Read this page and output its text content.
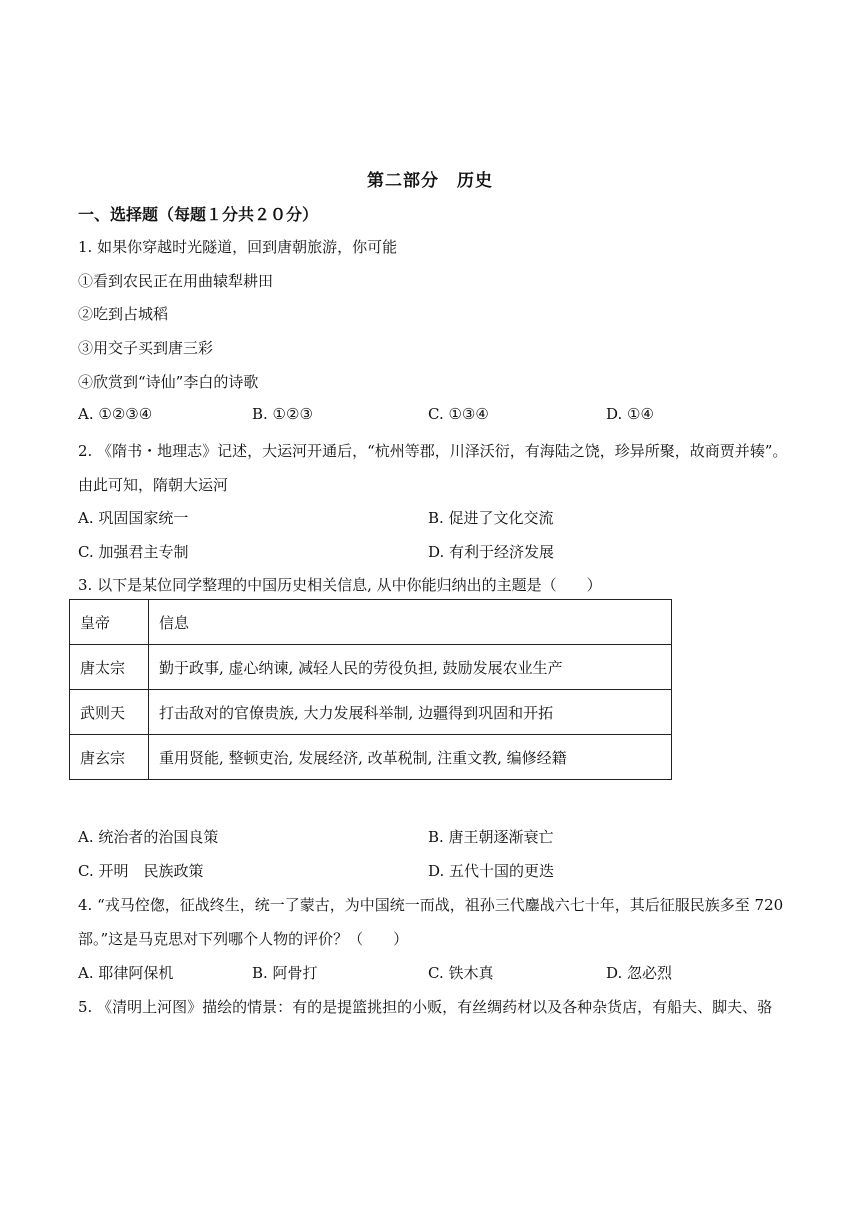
第二部分　历史
一、选择题（每题１分共２０分）
1. 如果你穿越时光隧道，回到唐朝旅游，你可能
①看到农民正在用曲辕犁耕田
②吃到占城稻
③用交子买到唐三彩
④欣赏到“诗仙”李白的诗歌
A. ①②③④	B. ①②③	C. ①③④	D. ①④
2. 《隋书・地理志》记述，大运河开通后，“杭州等郡，川泽沃衍，有海陆之饶，珍异所聚，故商贾并辏”。
由此可知，隋朝大运河
A. 巩固国家统一	B. 促进了文化交流
C. 加强君主专制	D. 有利于经济发展
3. 以下是某位同学整理的中国历史相关信息, 从中你能归纳出的主题是（　　）
皇帝	信息
唐太宗	勤于政事, 虚心纳谏, 减轻人民的劳役负担, 鼓励发展农业生产
武则天	打击敌对的官僚贵族, 大力发展科举制, 边疆得到巩固和开拓
唐玄宗	重用贤能, 整顿吏治, 发展经济, 改革税制, 注重文教, 编修经籍
A. 统治者的治国良策	B. 唐王朝逐渐衰亡
C. 开明　民族政策	D. 五代十国的更迭
4. “戎马倥偬，征战终生，统一了蒙古，为中国统一而战，祖孙三代鏖战六七十年，其后征服民族多至 720
部。”这是马克思对下列哪个人物的评价？（　　）
A. 耶律阿保机	B. 阿骨打	C. 铁木真	D. 忽必烈
5. 《清明上河图》描绘的情景：有的是提篮挑担的小贩，有丝绸药材以及各种杂货店，有船夫、脚夫、骆
